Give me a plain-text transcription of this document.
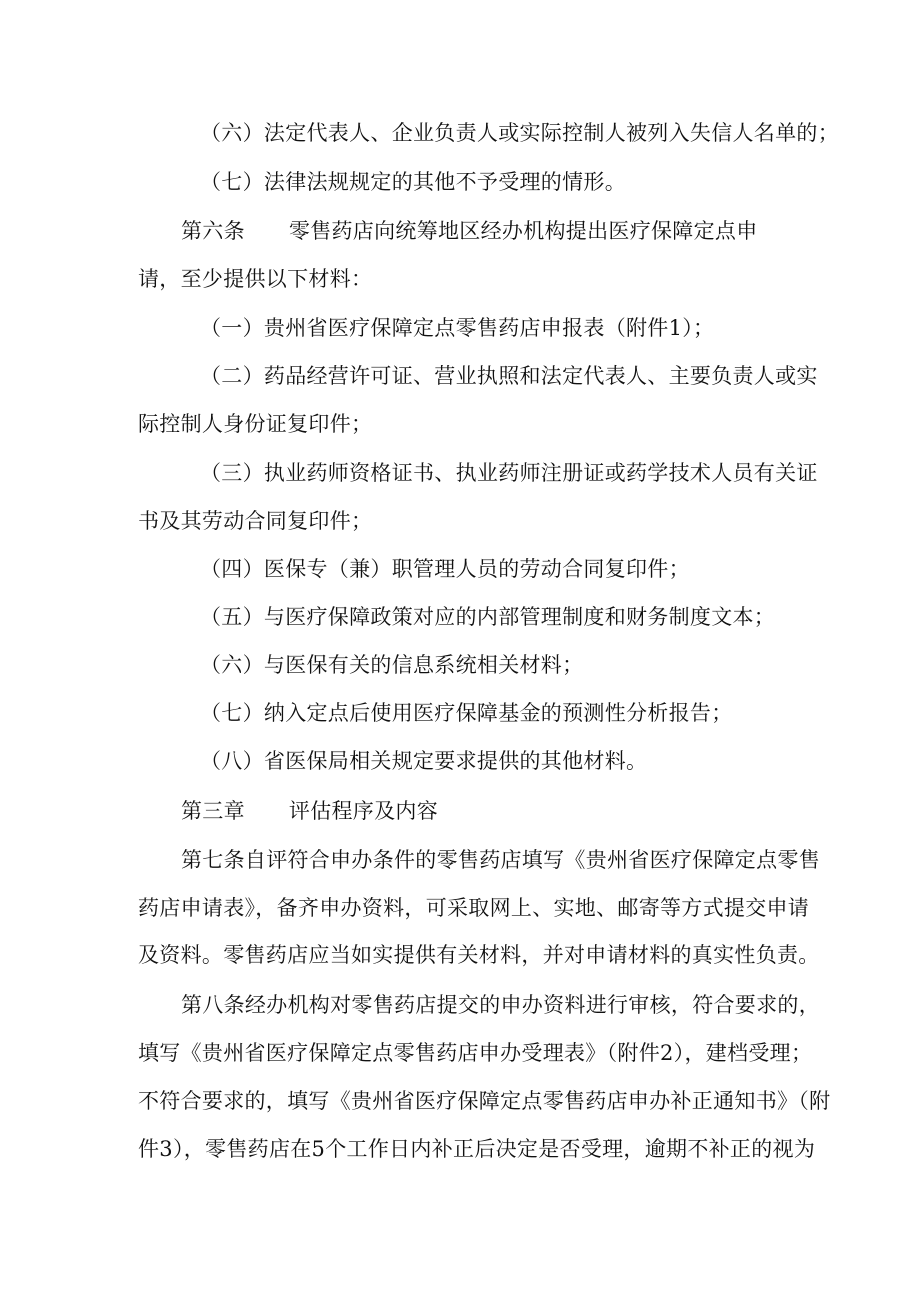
（六）法定代表人、企业负责人或实际控制人被列入失信人名单的；
（七）法律法规规定的其他不予受理的情形。
第六条 零售药店向统筹地区经办机构提出医疗保障定点申
请，至少提供以下材料：
（一）贵州省医疗保障定点零售药店申报表（附件1）；
（二）药品经营许可证、营业执照和法定代表人、主要负责人或实
际控制人身份证复印件；
（三）执业药师资格证书、执业药师注册证或药学技术人员有关证
书及其劳动合同复印件；
（四）医保专（兼）职管理人员的劳动合同复印件；
（五）与医疗保障政策对应的内部管理制度和财务制度文本；
（六）与医保有关的信息系统相关材料；
（七）纳入定点后使用医疗保障基金的预测性分析报告；
（八）省医保局相关规定要求提供的其他材料。
第三章 评估程序及内容
第七条自评符合申办条件的零售药店填写《贵州省医疗保障定点零售
药店申请表》，备齐申办资料，可采取网上、实地、邮寄等方式提交申请
及资料。零售药店应当如实提供有关材料，并对申请材料的真实性负责。
第八条经办机构对零售药店提交的申办资料进行审核，符合要求的，
填写《贵州省医疗保障定点零售药店申办受理表》（附件2），建档受理；
不符合要求的，填写《贵州省医疗保障定点零售药店申办补正通知书》（附
件3），零售药店在5个工作日内补正后决定是否受理，逾期不补正的视为
